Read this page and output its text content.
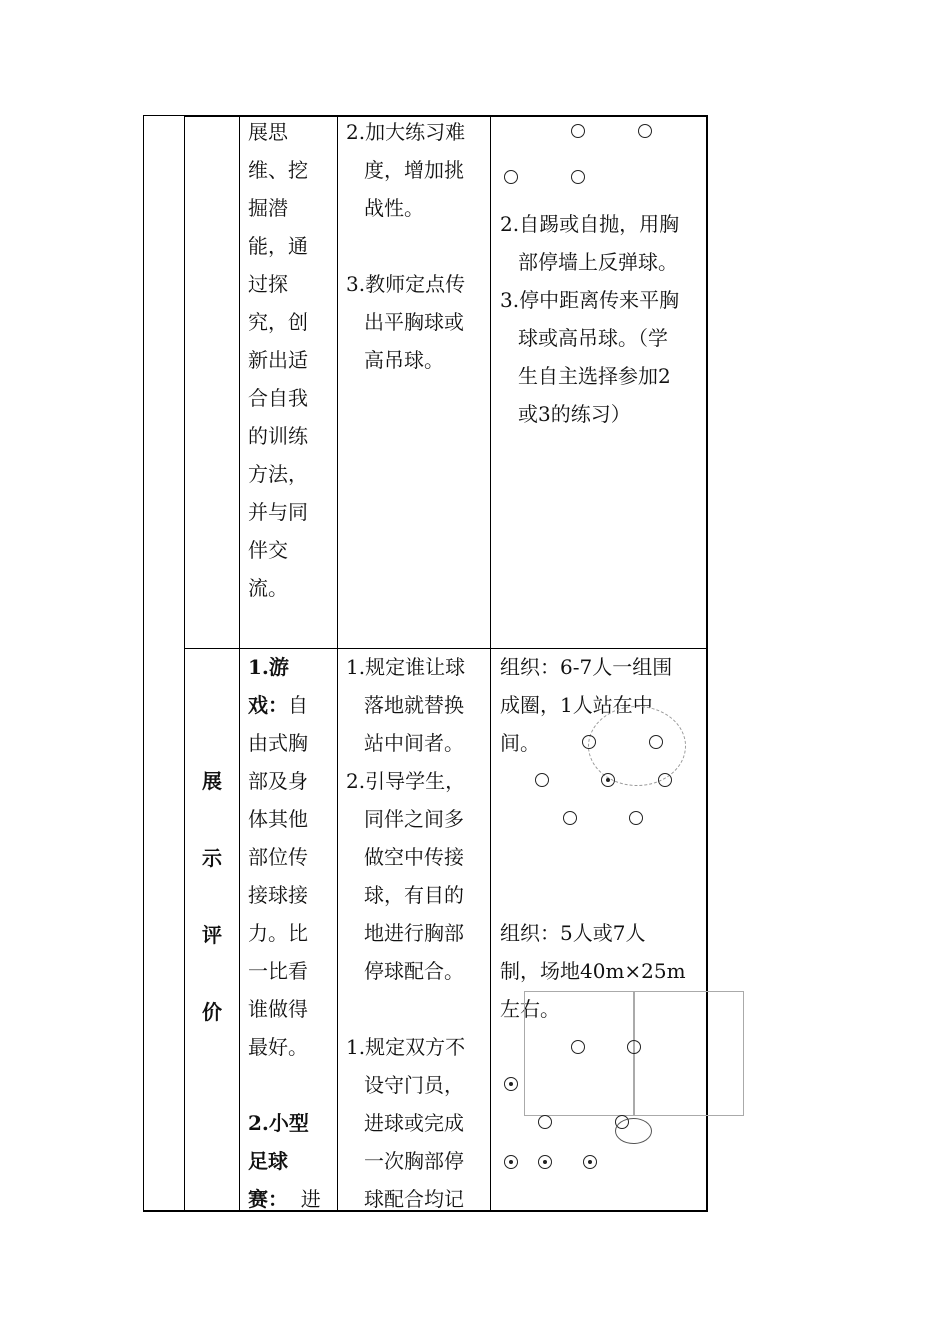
展思
维、挖
掘潜
能，通
过探
究，创
新出适
合自我
的训练
方法，
并与同
伴交
流。
2.加大练习难
度，增加挑
战性。
3.教师定点传
出平胸球或
高吊球。
2.自踢或自抛，用胸
部停墙上反弹球。
3.停中距离传来平胸
球或高吊球。（学
生自主选择参加2
或3的练习）
展
示
评
价
1.游
戏：自
由式胸
部及身
体其他
部位传
接球接
力。比
一比看
谁做得
最好。
2.小型
足球
赛：  进
1.规定谁让球
落地就替换
站中间者。
2.引导学生，
同伴之间多
做空中传接
球，有目的
地进行胸部
停球配合。
1.规定双方不
设守门员，
进球或完成
一次胸部停
球配合均记
组织：6-7人一组围
成圈，1人站在中
间。
组织：5人或7人
制，场地40m×25m
左右。
